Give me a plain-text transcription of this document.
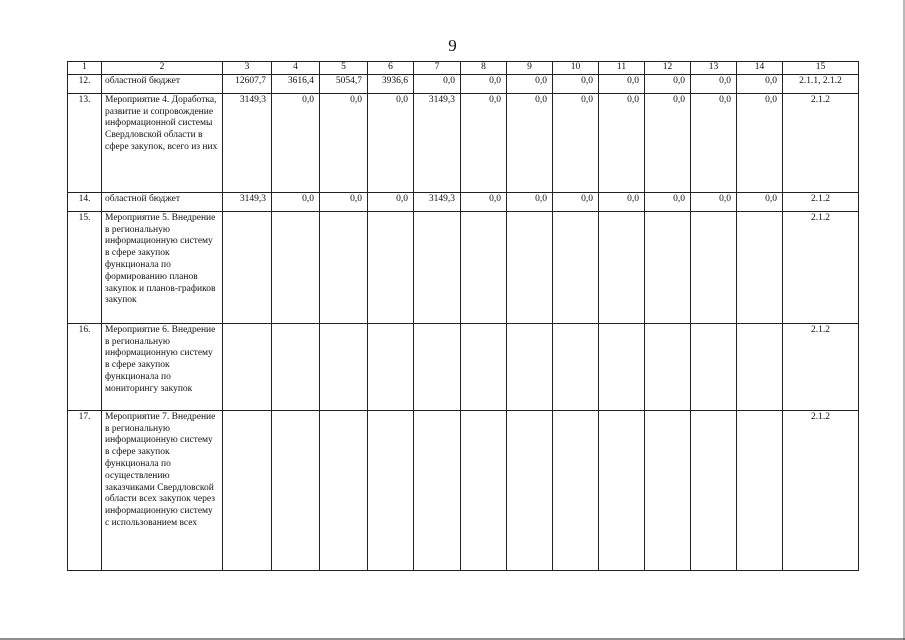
9
1	2	3	4	5	6	7	8	9	10	11	12	13	14	15
12.	областной бюджет	12607,7	3616,4	5054,7	3936,6	0,0	0,0	0,0	0,0	0,0	0,0	0,0	0,0	2.1.1, 2.1.2
13.	Мероприятие 4. Доработка, развитие и сопровождение информационной системы Свердловской области в сфере закупок, всего из них	3149,3	0,0	0,0	0,0	3149,3	0,0	0,0	0,0	0,0	0,0	0,0	0,0	2.1.2
14.	областной бюджет	3149,3	0,0	0,0	0,0	3149,3	0,0	0,0	0,0	0,0	0,0	0,0	0,0	2.1.2
15.	Мероприятие 5. Внедрение в региональную информационную систему в сфере закупок функционала по формированию планов закупок и планов-графиков закупок													2.1.2
16.	Мероприятие 6. Внедрение в региональную информационную систему в сфере закупок функционала по мониторингу закупок													2.1.2
17.	Мероприятие 7. Внедрение в региональную информационную систему в сфере закупок функционала по осуществлению заказчиками Свердловской области всех закупок через информационную систему с использованием всех													2.1.2
